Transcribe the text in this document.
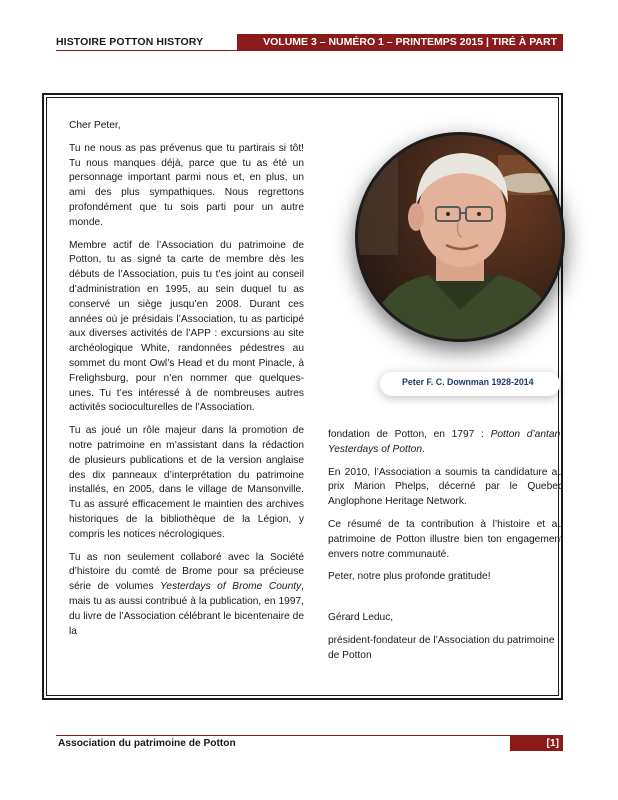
HISTOIRE POTTON HISTORY	VOLUME 3 – NUMÉRO 1 – PRINTEMPS 2015 | TIRÉ À PART

Cher Peter,

Tu ne nous as pas prévenus que tu partirais si tôt! Tu nous manques déjà, parce que tu as été un personnage important parmi nous et, en plus, un ami des plus sympathiques. Nous regrettons profondément que tu sois parti pour un autre monde.

Membre actif de l’Association du patrimoine de Potton, tu as signé ta carte de membre dès les débuts de l’Association, puis tu t’es joint au conseil d’administration en 1995, au sein duquel tu as conservé un siège jusqu’en 2008. Durant ces années où je présidais l’Association, tu as participé aux diverses activités de l’APP : excursions au site archéologique White, randonnées pédestres au sommet du mont Owl’s Head et du mont Pinacle, à Frelighsburg, pour n’en nommer que quelques-unes. Tu t’es intéressé à de nombreuses autres activités socioculturelles de l’Association.

Tu as joué un rôle majeur dans la promotion de notre patrimoine en m’assistant dans la rédaction de plusieurs publications et de la version anglaise des dix panneaux d’interprétation du patrimoine installés, en 2005, dans le village de Mansonville. Tu as assuré efficacement le maintien des archives historiques de la bibliothèque de la Légion, y compris les notices nécrologiques.

Tu as non seulement collaboré avec la Société d’histoire du comté de Brome pour sa précieuse série de volumes Yesterdays of Brome County, mais tu as aussi contribué à la publication, en 1997, du livre de l’Association célébrant le bicentenaire de la

Peter F. C. Downman 1928-2014

fondation de Potton, en 1797 : Potton d’antan, Yesterdays of Potton.

En 2010, l’Association a soumis ta candidature au prix Marion Phelps, décerné par le Quebec Anglophone Heritage Network.

Ce résumé de ta contribution à l’histoire et au patrimoine de Potton illustre bien ton engagement envers notre communauté.

Peter, notre plus profonde gratitude!

Gérard Leduc,

président-fondateur de l’Association du patrimoine de Potton

Association du patrimoine de Potton	[1]
